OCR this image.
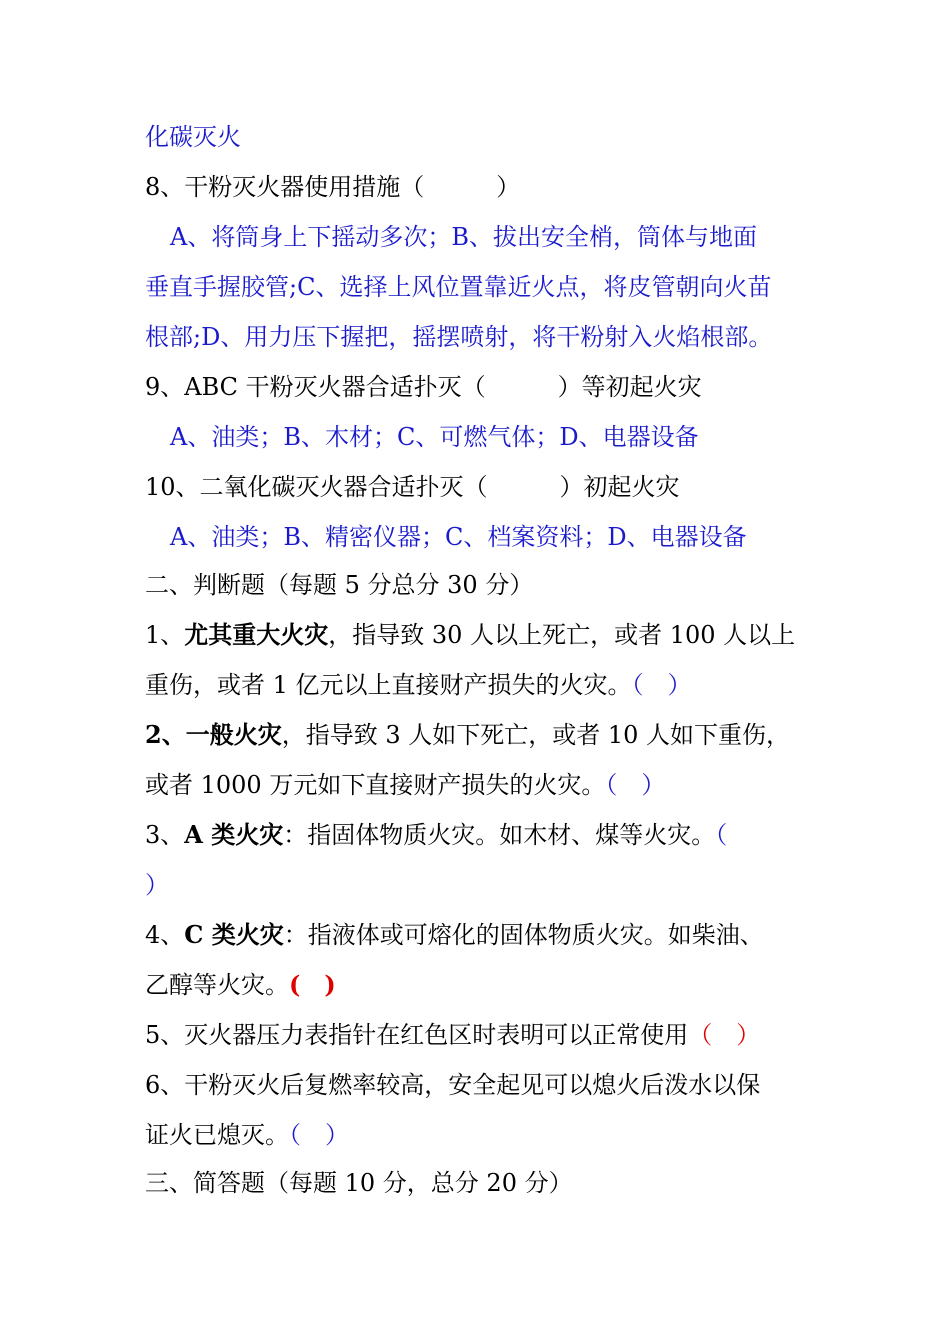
化碳灭火
8、干粉灭火器使用措施（　　　）
A、将筒身上下摇动多次；B、拔出安全梢，筒体与地面
垂直手握胶管;C、选择上风位置靠近火点，将皮管朝向火苗
根部;D、用力压下握把，摇摆喷射，将干粉射入火焰根部。
9、ABC 干粉灭火器合适扑灭（　　　）等初起火灾
A、油类；B、木材；C、可燃气体；D、电器设备
10、二氧化碳灭火器合适扑灭（　　　）初起火灾
A、油类；B、精密仪器；C、档案资料；D、电器设备
二、判断题（每题 5 分总分 30 分）
1、尤其重大火灾，指导致 30 人以上死亡，或者 100 人以上
重伤，或者 1 亿元以上直接财产损失的火灾。（　）
2、一般火灾，指导致 3 人如下死亡，或者 10 人如下重伤，
或者 1000 万元如下直接财产损失的火灾。（　）
3、A 类火灾：指固体物质火灾。如木材、煤等火灾。（
）
4、C 类火灾：指液体或可熔化的固体物质火灾。如柴油、
乙醇等火灾。(　)
5、灭火器压力表指针在红色区时表明可以正常使用（　）
6、干粉灭火后复燃率较高，安全起见可以熄火后泼水以保
证火已熄灭。（　）
三、简答题（每题 10 分，总分 20 分）
